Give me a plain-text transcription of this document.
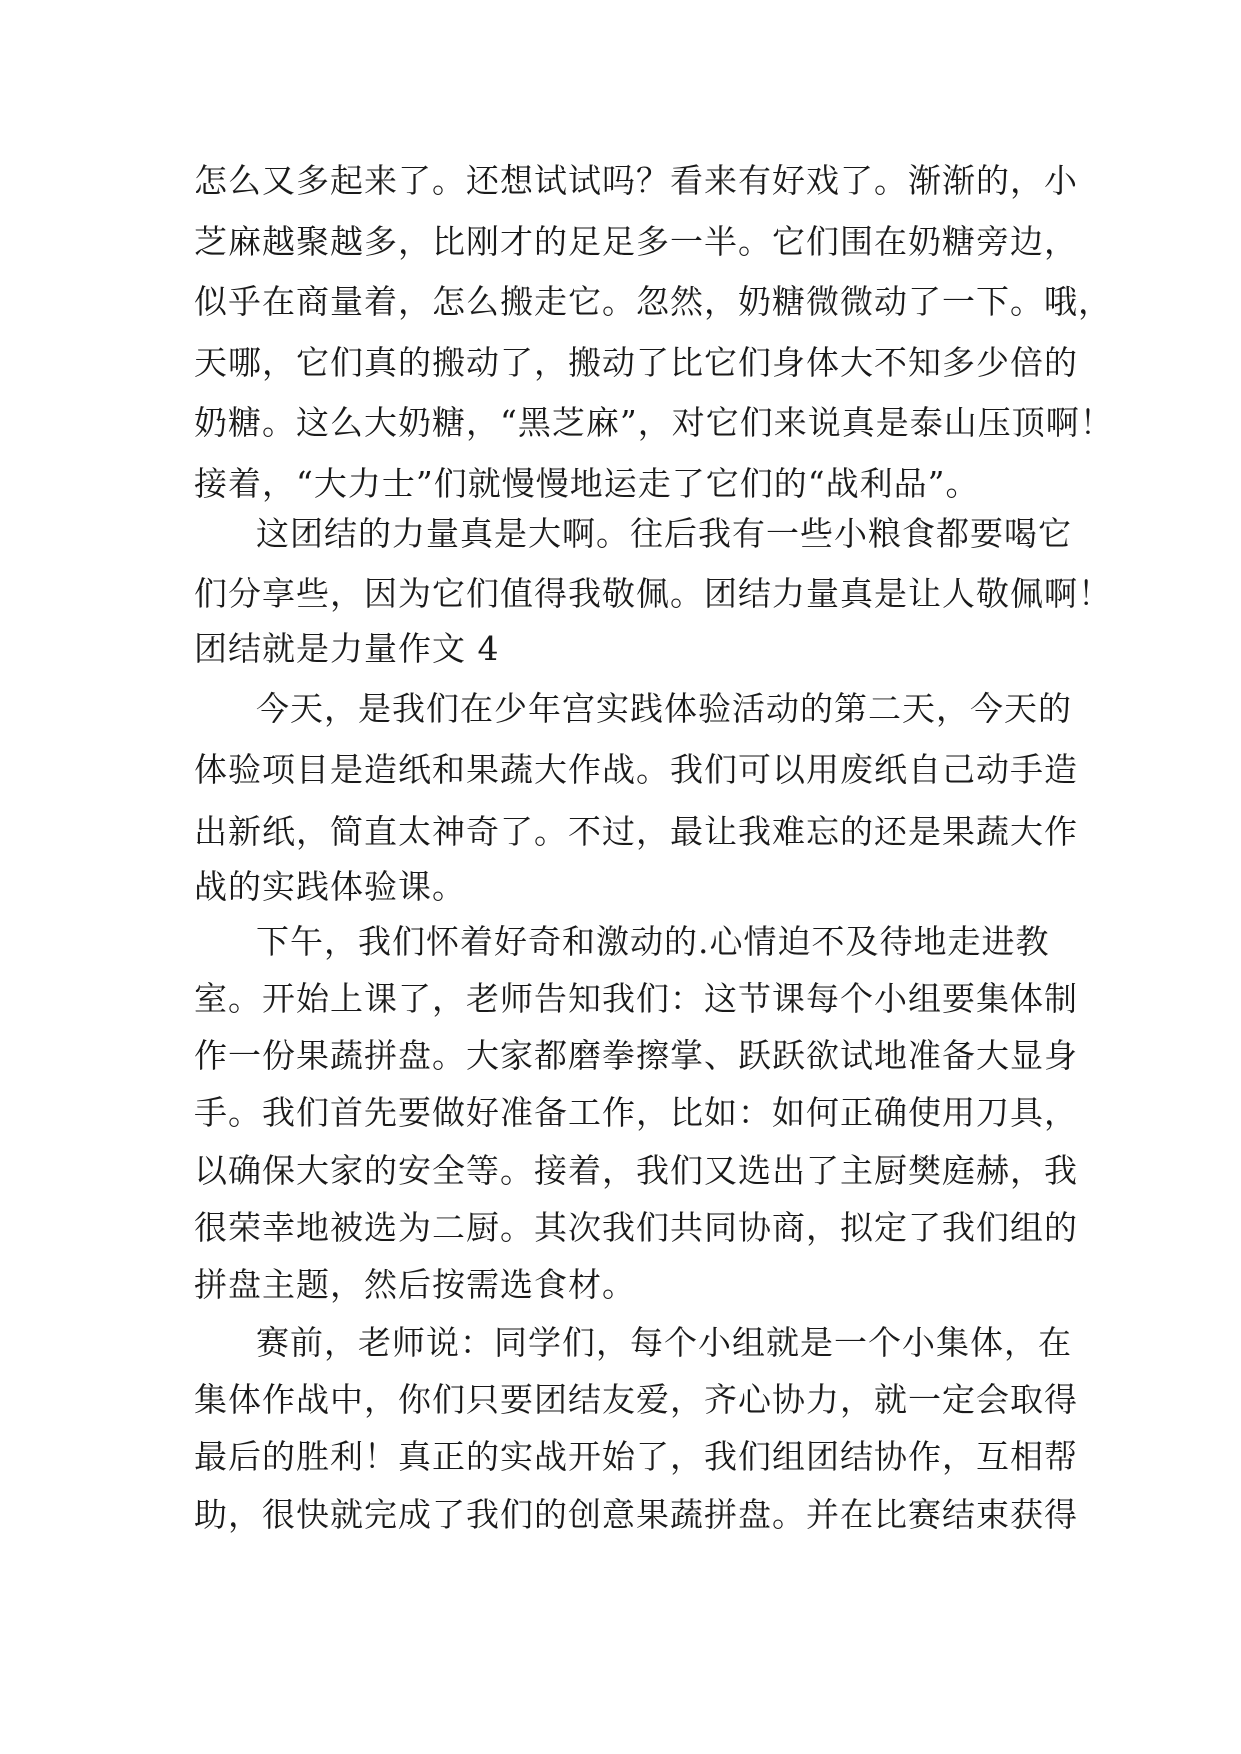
怎么又多起来了。还想试试吗？看来有好戏了。渐渐的，小

芝麻越聚越多，比刚才的足足多一半。它们围在奶糖旁边，

似乎在商量着，怎么搬走它。忽然，奶糖微微动了一下。哦，

天哪，它们真的搬动了，搬动了比它们身体大不知多少倍的

奶糖。这么大奶糖，“黑芝麻”，对它们来说真是泰山压顶啊！

接着，“大力士”们就慢慢地运走了它们的“战利品”。

这团结的力量真是大啊。往后我有一些小粮食都要喝它

们分享些，因为它们值得我敬佩。团结力量真是让人敬佩啊！

团结就是力量作文 4

今天，是我们在少年宫实践体验活动的第二天，今天的

体验项目是造纸和果蔬大作战。我们可以用废纸自己动手造

出新纸，简直太神奇了。不过，最让我难忘的还是果蔬大作

战的实践体验课。

下午，我们怀着好奇和激动的.心情迫不及待地走进教

室。开始上课了，老师告知我们：这节课每个小组要集体制

作一份果蔬拼盘。大家都磨拳擦掌、跃跃欲试地准备大显身

手。我们首先要做好准备工作，比如：如何正确使用刀具，

以确保大家的安全等。接着，我们又选出了主厨樊庭赫，我

很荣幸地被选为二厨。其次我们共同协商，拟定了我们组的

拼盘主题，然后按需选食材。

赛前，老师说：同学们，每个小组就是一个小集体，在

集体作战中，你们只要团结友爱，齐心协力，就一定会取得

最后的胜利！真正的实战开始了，我们组团结协作，互相帮

助，很快就完成了我们的创意果蔬拼盘。并在比赛结束获得
